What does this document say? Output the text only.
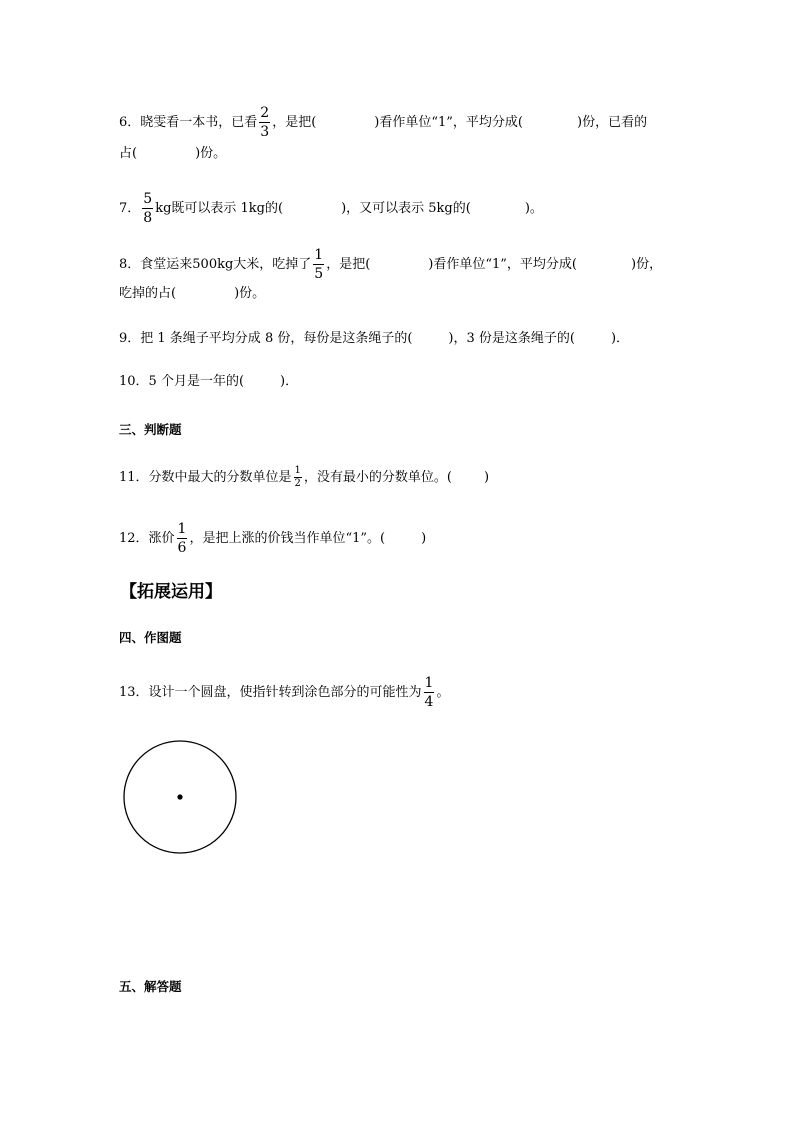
6．晓雯看一本书，已看 $\frac{2}{3}$ ，是把(	)看作单位“1”，平均分成(	)份，已看的
占(	)份。
7． $\frac{5}{8}$ kg既可以表示 1kg的(	)，又可以表示 5kg的(	)。
8．食堂运来500kg大米，吃掉了 $\frac{1}{5}$ ，是把(	)看作单位“1”，平均分成(	)份，
吃掉的占(	)份。
9．把 1 条绳子平均分成 8 份，每份是这条绳子的(	)，3 份是这条绳子的(	)．
10．5 个月是一年的(	)．
三、判断题
11．分数中最大的分数单位是 $\frac{1}{2}$ ，没有最小的分数单位。( )
12．涨价 $\frac{1}{6}$ ，是把上涨的价钱当作单位“1”。(	)
【拓展运用】
四、作图题
13．设计一个圆盘，使指针转到涂色部分的可能性为 $\frac{1}{4}$ 。
五、解答题
